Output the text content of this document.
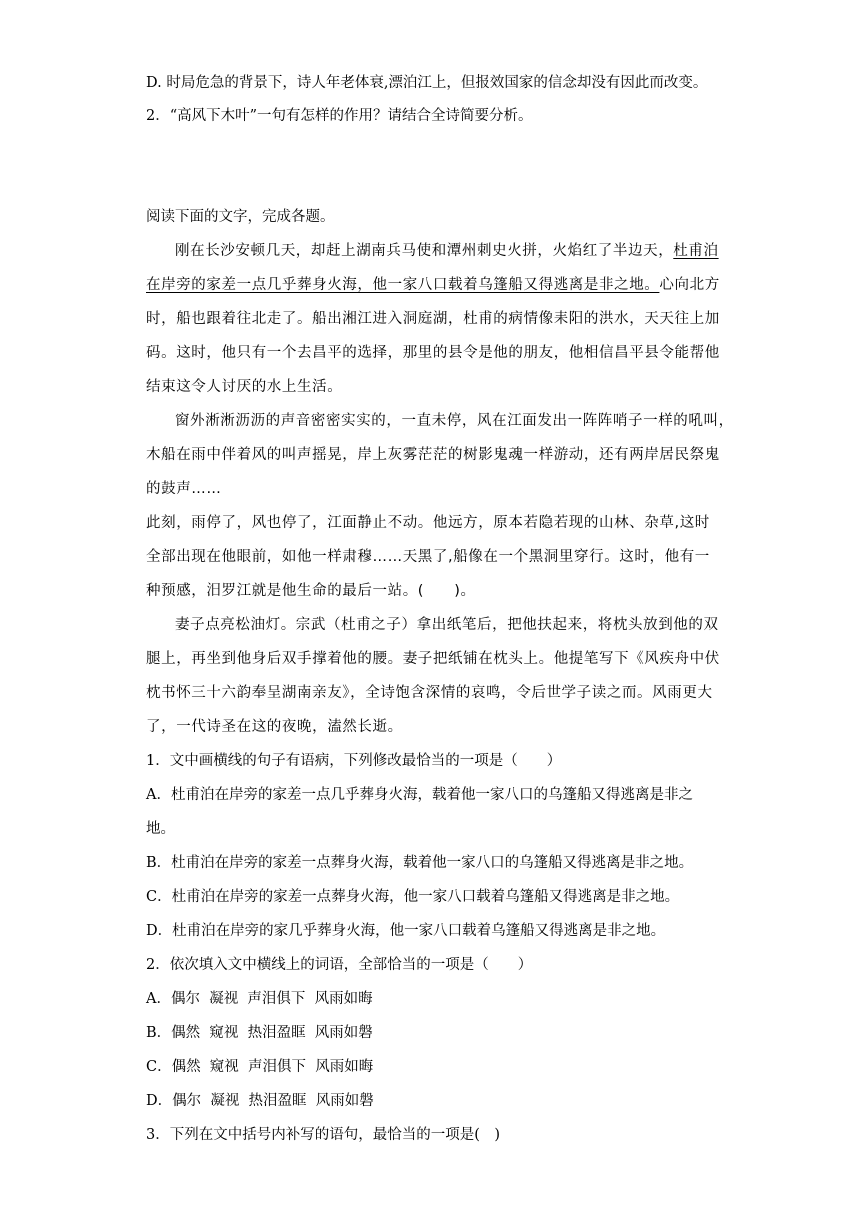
D. 时局危急的背景下，诗人年老体衰,漂泊江上，但报效国家的信念却没有因此而改变。
2．“高风下木叶”一句有怎样的作用？请结合全诗简要分析。
阅读下面的文字，完成各题。
刚在长沙安顿几天，却赶上湖南兵马使和潭州刺史火拼，火焰红了半边天，杜甫泊
在岸旁的家差一点几乎葬身火海，他一家八口载着乌篷船又得逃离是非之地。心向北方
时，船也跟着往北走了。船出湘江进入洞庭湖，杜甫的病情像耒阳的洪水，天天往上加
码。这时，他只有一个去昌平的选择，那里的县令是他的朋友，他相信昌平县令能帮他
结束这令人讨厌的水上生活。
窗外淅淅沥沥的声音密密实实的，一直未停，风在江面发出一阵阵哨子一样的吼叫，
木船在雨中伴着风的叫声摇晃，岸上灰雾茫茫的树影鬼魂一样游动，还有两岸居民祭鬼
的鼓声……
此刻，雨停了，风也停了，江面静止不动。他远方，原本若隐若现的山林、杂草,这时
全部出现在他眼前，如他一样肃穆……天黑了,船像在一个黑洞里穿行。这时，他有一
种预感，汨罗江就是他生命的最后一站。(　　)。
妻子点亮松油灯。宗武（杜甫之子）拿出纸笔后，把他扶起来，将枕头放到他的双
腿上，再坐到他身后双手撑着他的腰。妻子把纸铺在枕头上。他提笔写下《风疾舟中伏
枕书怀三十六韵奉呈湖南亲友》，全诗饱含深情的哀鸣，令后世学子读之而。风雨更大
了，一代诗圣在这的夜晚，溘然长逝。
1．文中画横线的句子有语病，下列修改最恰当的一项是（　　）
A．杜甫泊在岸旁的家差一点几乎葬身火海，载着他一家八口的乌篷船又得逃离是非之
地。
B．杜甫泊在岸旁的家差一点葬身火海，载着他一家八口的乌篷船又得逃离是非之地。
C．杜甫泊在岸旁的家差一点葬身火海，他一家八口载着乌篷船又得逃离是非之地。
D．杜甫泊在岸旁的家几乎葬身火海，他一家八口载着乌篷船又得逃离是非之地。
2．依次填入文中横线上的词语，全部恰当的一项是（　　）
A．偶尔  凝视  声泪俱下  风雨如晦
B．偶然  窥视  热泪盈眶  风雨如磐
C．偶然  窥视  声泪俱下  风雨如晦
D．偶尔  凝视  热泪盈眶  风雨如磐
3．下列在文中括号内补写的语句，最恰当的一项是(　)
